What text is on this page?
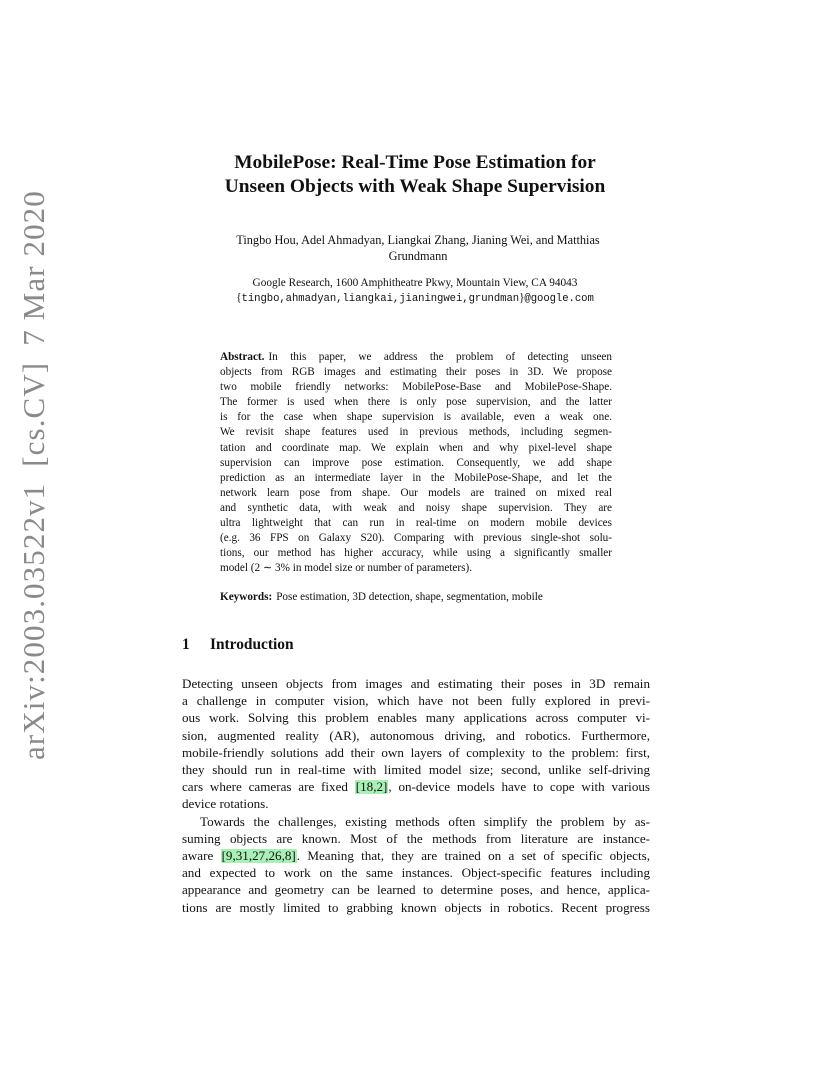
arXiv:2003.03522v1[cs.CV]7 Mar 2020
MobilePose: Real-Time Pose Estimation for
Unseen Objects with Weak Shape Supervision
Tingbo Hou, Adel Ahmadyan, Liangkai Zhang, Jianing Wei, and Matthias
Grundmann
Google Research, 1600 Amphitheatre Pkwy, Mountain View, CA 94043
{tingbo,ahmadyan,liangkai,jianingwei,grundman}@google.com
Abstract. In this paper, we address the problem of detecting unseen
objects from RGB images and estimating their poses in 3D. We propose
two mobile friendly networks: MobilePose-Base and MobilePose-Shape.
The former is used when there is only pose supervision, and the latter
is for the case when shape supervision is available, even a weak one.
We revisit shape features used in previous methods, including segmen-
tation and coordinate map. We explain when and why pixel-level shape
supervision can improve pose estimation. Consequently, we add shape
prediction as an intermediate layer in the MobilePose-Shape, and let the
network learn pose from shape. Our models are trained on mixed real
and synthetic data, with weak and noisy shape supervision. They are
ultra lightweight that can run in real-time on modern mobile devices
(e.g. 36 FPS on Galaxy S20). Comparing with previous single-shot solu-
tions, our method has higher accuracy, while using a significantly smaller
model (2 ∼ 3% in model size or number of parameters).
Keywords: Pose estimation, 3D detection, shape, segmentation, mobile
1 Introduction
Detecting unseen objects from images and estimating their poses in 3D remain
a challenge in computer vision, which have not been fully explored in previ-
ous work. Solving this problem enables many applications across computer vi-
sion, augmented reality (AR), autonomous driving, and robotics. Furthermore,
mobile-friendly solutions add their own layers of complexity to the problem: first,
they should run in real-time with limited model size; second, unlike self-driving
cars where cameras are fixed [18,2], on-device models have to cope with various
device rotations.
Towards the challenges, existing methods often simplify the problem by as-
suming objects are known. Most of the methods from literature are instance-
aware [9,31,27,26,8]. Meaning that, they are trained on a set of specific objects,
and expected to work on the same instances. Object-specific features including
appearance and geometry can be learned to determine poses, and hence, applica-
tions are mostly limited to grabbing known objects in robotics. Recent progress
